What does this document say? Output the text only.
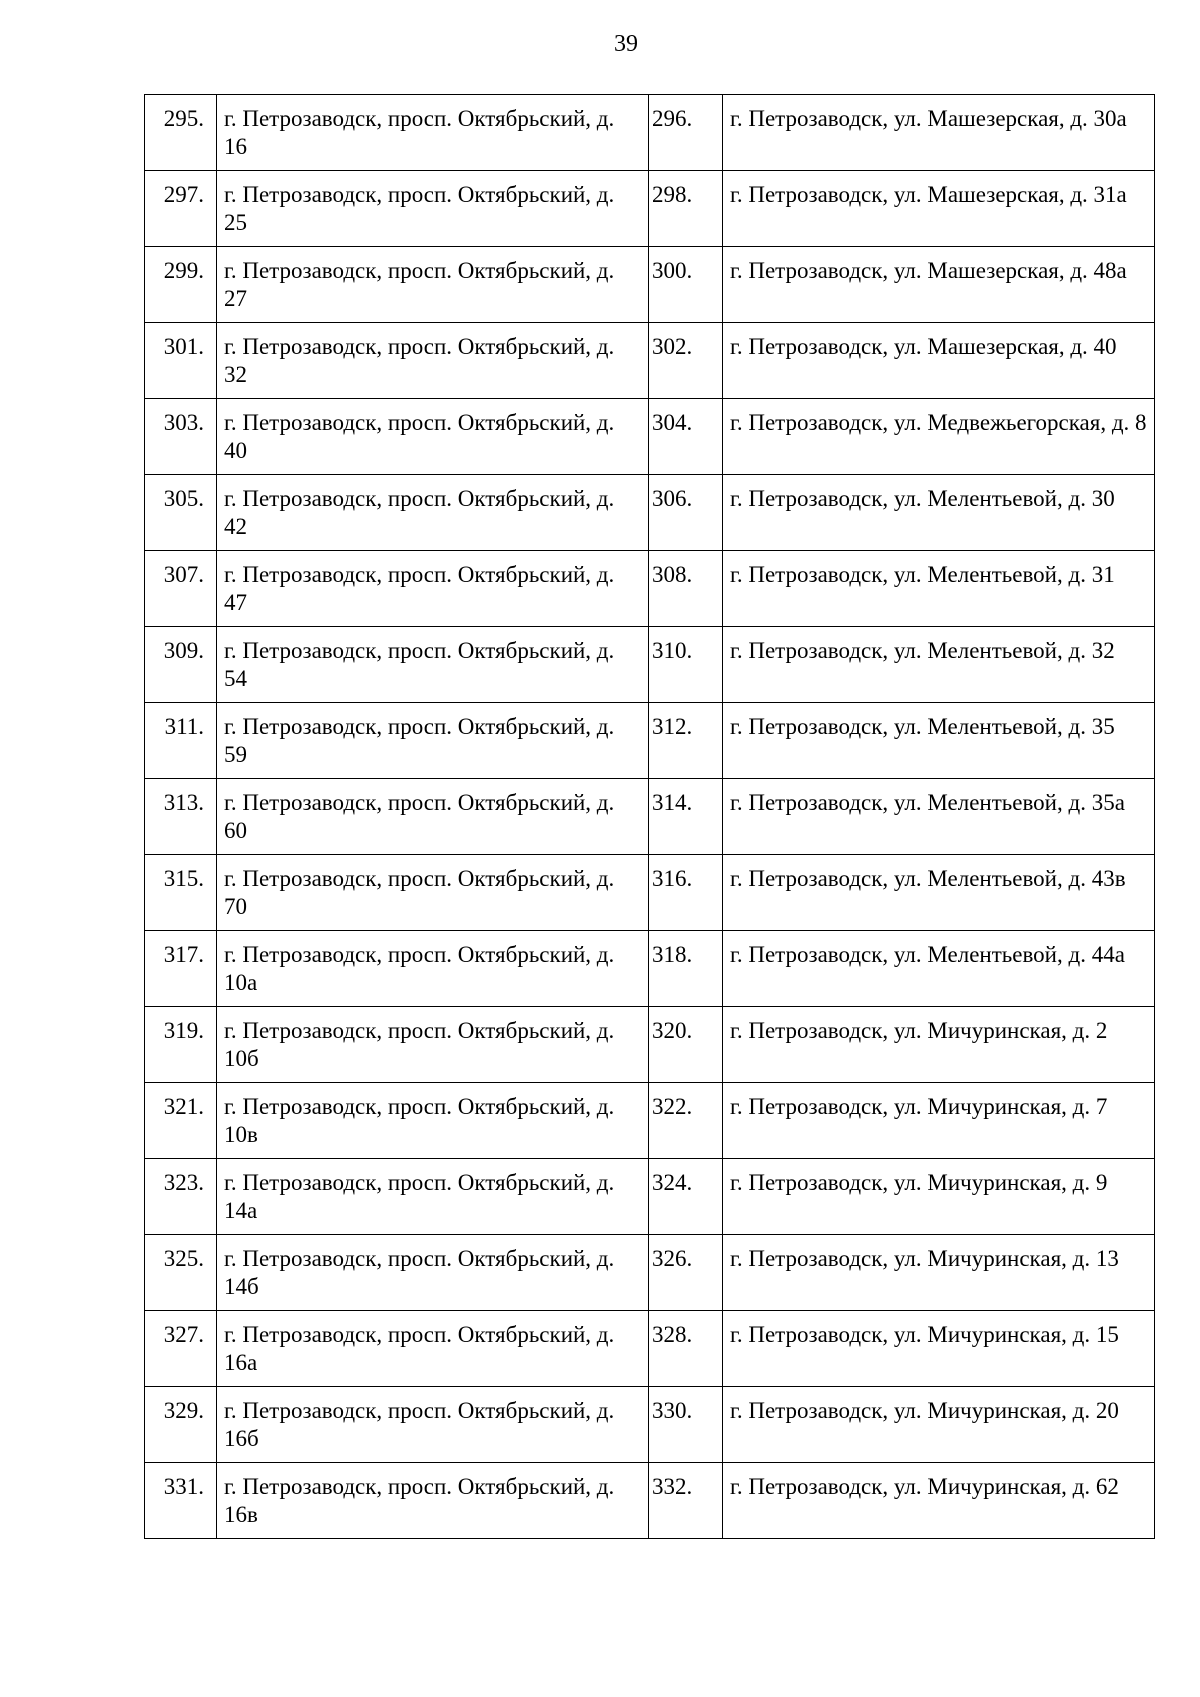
39
295.	г. Петрозаводск, просп. Октябрьский, д. 16	296.	г. Петрозаводск, ул. Машезерская, д. 30а
297.	г. Петрозаводск, просп. Октябрьский, д. 25	298.	г. Петрозаводск, ул. Машезерская, д. 31а
299.	г. Петрозаводск, просп. Октябрьский, д. 27	300.	г. Петрозаводск, ул. Машезерская, д. 48а
301.	г. Петрозаводск, просп. Октябрьский, д. 32	302.	г. Петрозаводск, ул. Машезерская, д. 40
303.	г. Петрозаводск, просп. Октябрьский, д. 40	304.	г. Петрозаводск, ул. Медвежьегорская, д. 8
305.	г. Петрозаводск, просп. Октябрьский, д. 42	306.	г. Петрозаводск, ул. Мелентьевой, д. 30
307.	г. Петрозаводск, просп. Октябрьский, д. 47	308.	г. Петрозаводск, ул. Мелентьевой, д. 31
309.	г. Петрозаводск, просп. Октябрьский, д. 54	310.	г. Петрозаводск, ул. Мелентьевой, д. 32
311.	г. Петрозаводск, просп. Октябрьский, д. 59	312.	г. Петрозаводск, ул. Мелентьевой, д. 35
313.	г. Петрозаводск, просп. Октябрьский, д. 60	314.	г. Петрозаводск, ул. Мелентьевой, д. 35а
315.	г. Петрозаводск, просп. Октябрьский, д. 70	316.	г. Петрозаводск, ул. Мелентьевой, д. 43в
317.	г. Петрозаводск, просп. Октябрьский, д. 10а	318.	г. Петрозаводск, ул. Мелентьевой, д. 44а
319.	г. Петрозаводск, просп. Октябрьский, д. 10б	320.	г. Петрозаводск, ул. Мичуринская, д. 2
321.	г. Петрозаводск, просп. Октябрьский, д. 10в	322.	г. Петрозаводск, ул. Мичуринская, д. 7
323.	г. Петрозаводск, просп. Октябрьский, д. 14а	324.	г. Петрозаводск, ул. Мичуринская, д. 9
325.	г. Петрозаводск, просп. Октябрьский, д. 14б	326.	г. Петрозаводск, ул. Мичуринская, д. 13
327.	г. Петрозаводск, просп. Октябрьский, д. 16а	328.	г. Петрозаводск, ул. Мичуринская, д. 15
329.	г. Петрозаводск, просп. Октябрьский, д. 16б	330.	г. Петрозаводск, ул. Мичуринская, д. 20
331.	г. Петрозаводск, просп. Октябрьский, д. 16в	332.	г. Петрозаводск, ул. Мичуринская, д. 62
